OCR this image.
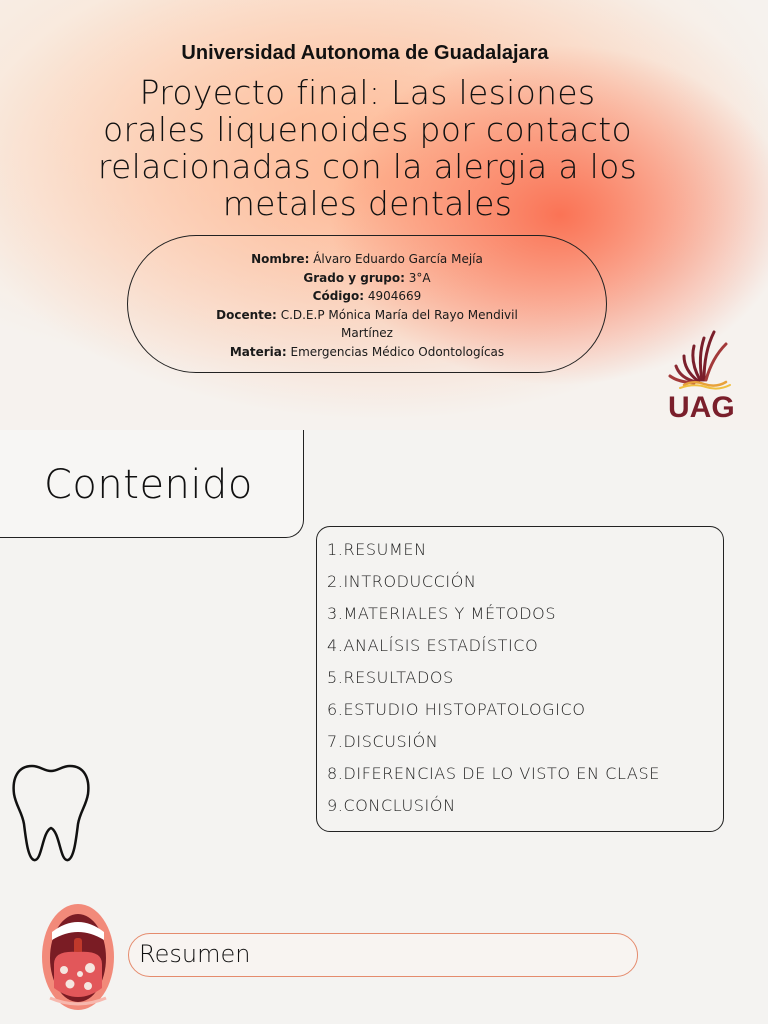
Universidad Autonoma de Guadalajara
Proyecto final: Las lesiones orales liquenoides por contacto relacionadas con la alergia a los metales dentales
Nombre: Álvaro Eduardo García Mejía
Grado y grupo: 3°A
Código: 4904669
Docente: C.D.E.P Mónica María del Rayo Mendivil Martínez
Materia: Emergencias Médico Odontologícas
UAG
Contenido
1.RESUMEN
2.INTRODUCCIÓN
3.MATERIALES Y MÉTODOS
4.ANALÍSIS ESTADÍSTICO
5.RESULTADOS
6.ESTUDIO HISTOPATOLOGICO
7.DISCUSIÓN
8.DIFERENCIAS DE LO VISTO EN CLASE
9.CONCLUSIÓN
Resumen
